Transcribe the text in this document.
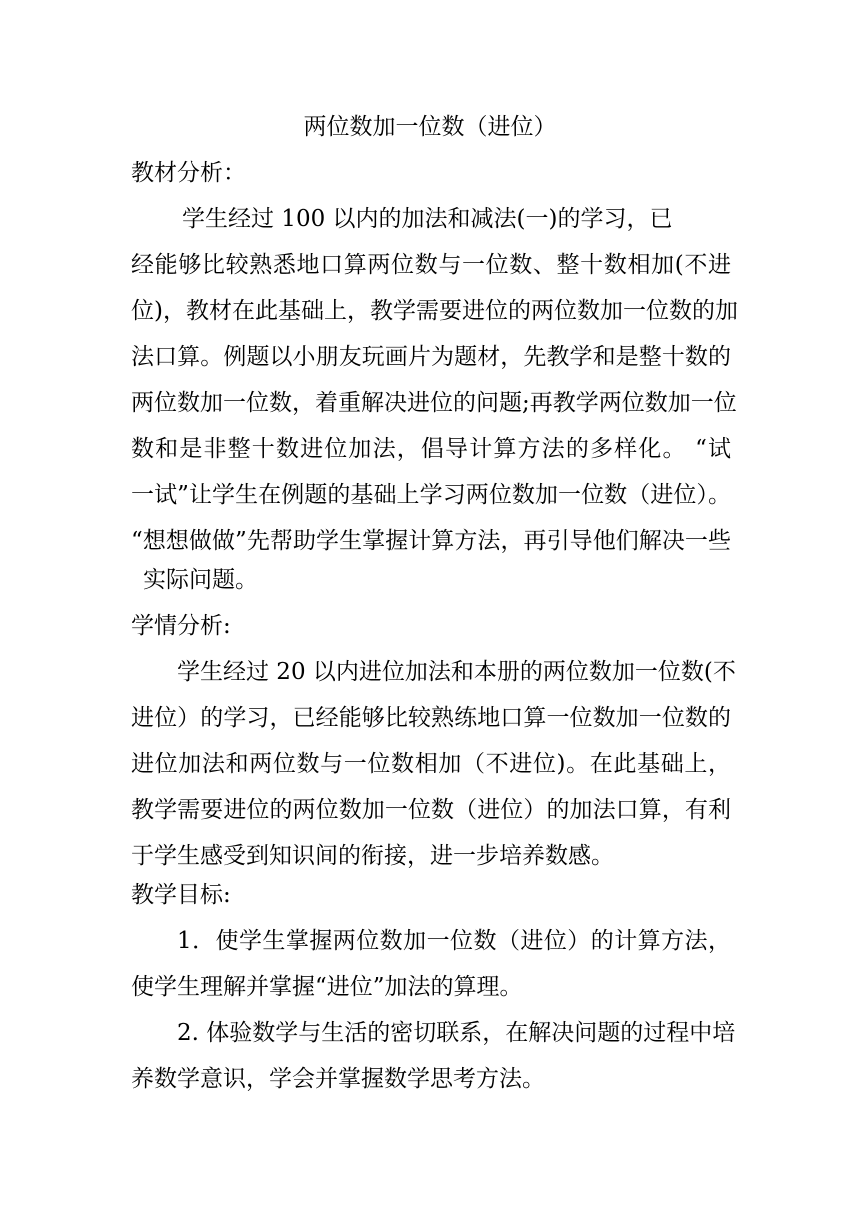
两位数加一位数（进位）
教材分析：
学生经过 100 以内的加法和减法(一)的学习，已
经能够比较熟悉地口算两位数与一位数、整十数相加(不进
位)，教材在此基础上，教学需要进位的两位数加一位数的加
法口算。例题以小朋友玩画片为题材，先教学和是整十数的
两位数加一位数，着重解决进位的问题;再教学两位数加一位
数和是非整十数进位加法，倡导计算方法的多样化。 “试
一试”让学生在例题的基础上学习两位数加一位数（进位）。
“想想做做”先帮助学生掌握计算方法，再引导他们解决一些
实际问题。
学情分析:
学生经过 20 以内进位加法和本册的两位数加一位数(不
进位）的学习，已经能够比较熟练地口算一位数加一位数的
进位加法和两位数与一位数相加（不进位)。在此基础上，
教学需要进位的两位数加一位数（进位）的加法口算，有利
于学生感受到知识间的衔接，进一步培养数感。
教学目标:
1．使学生掌握两位数加一位数（进位）的计算方法，
使学生理解并掌握“进位”加法的算理。
2. 体验数学与生活的密切联系，在解决问题的过程中培
养数学意识，学会并掌握数学思考方法。
